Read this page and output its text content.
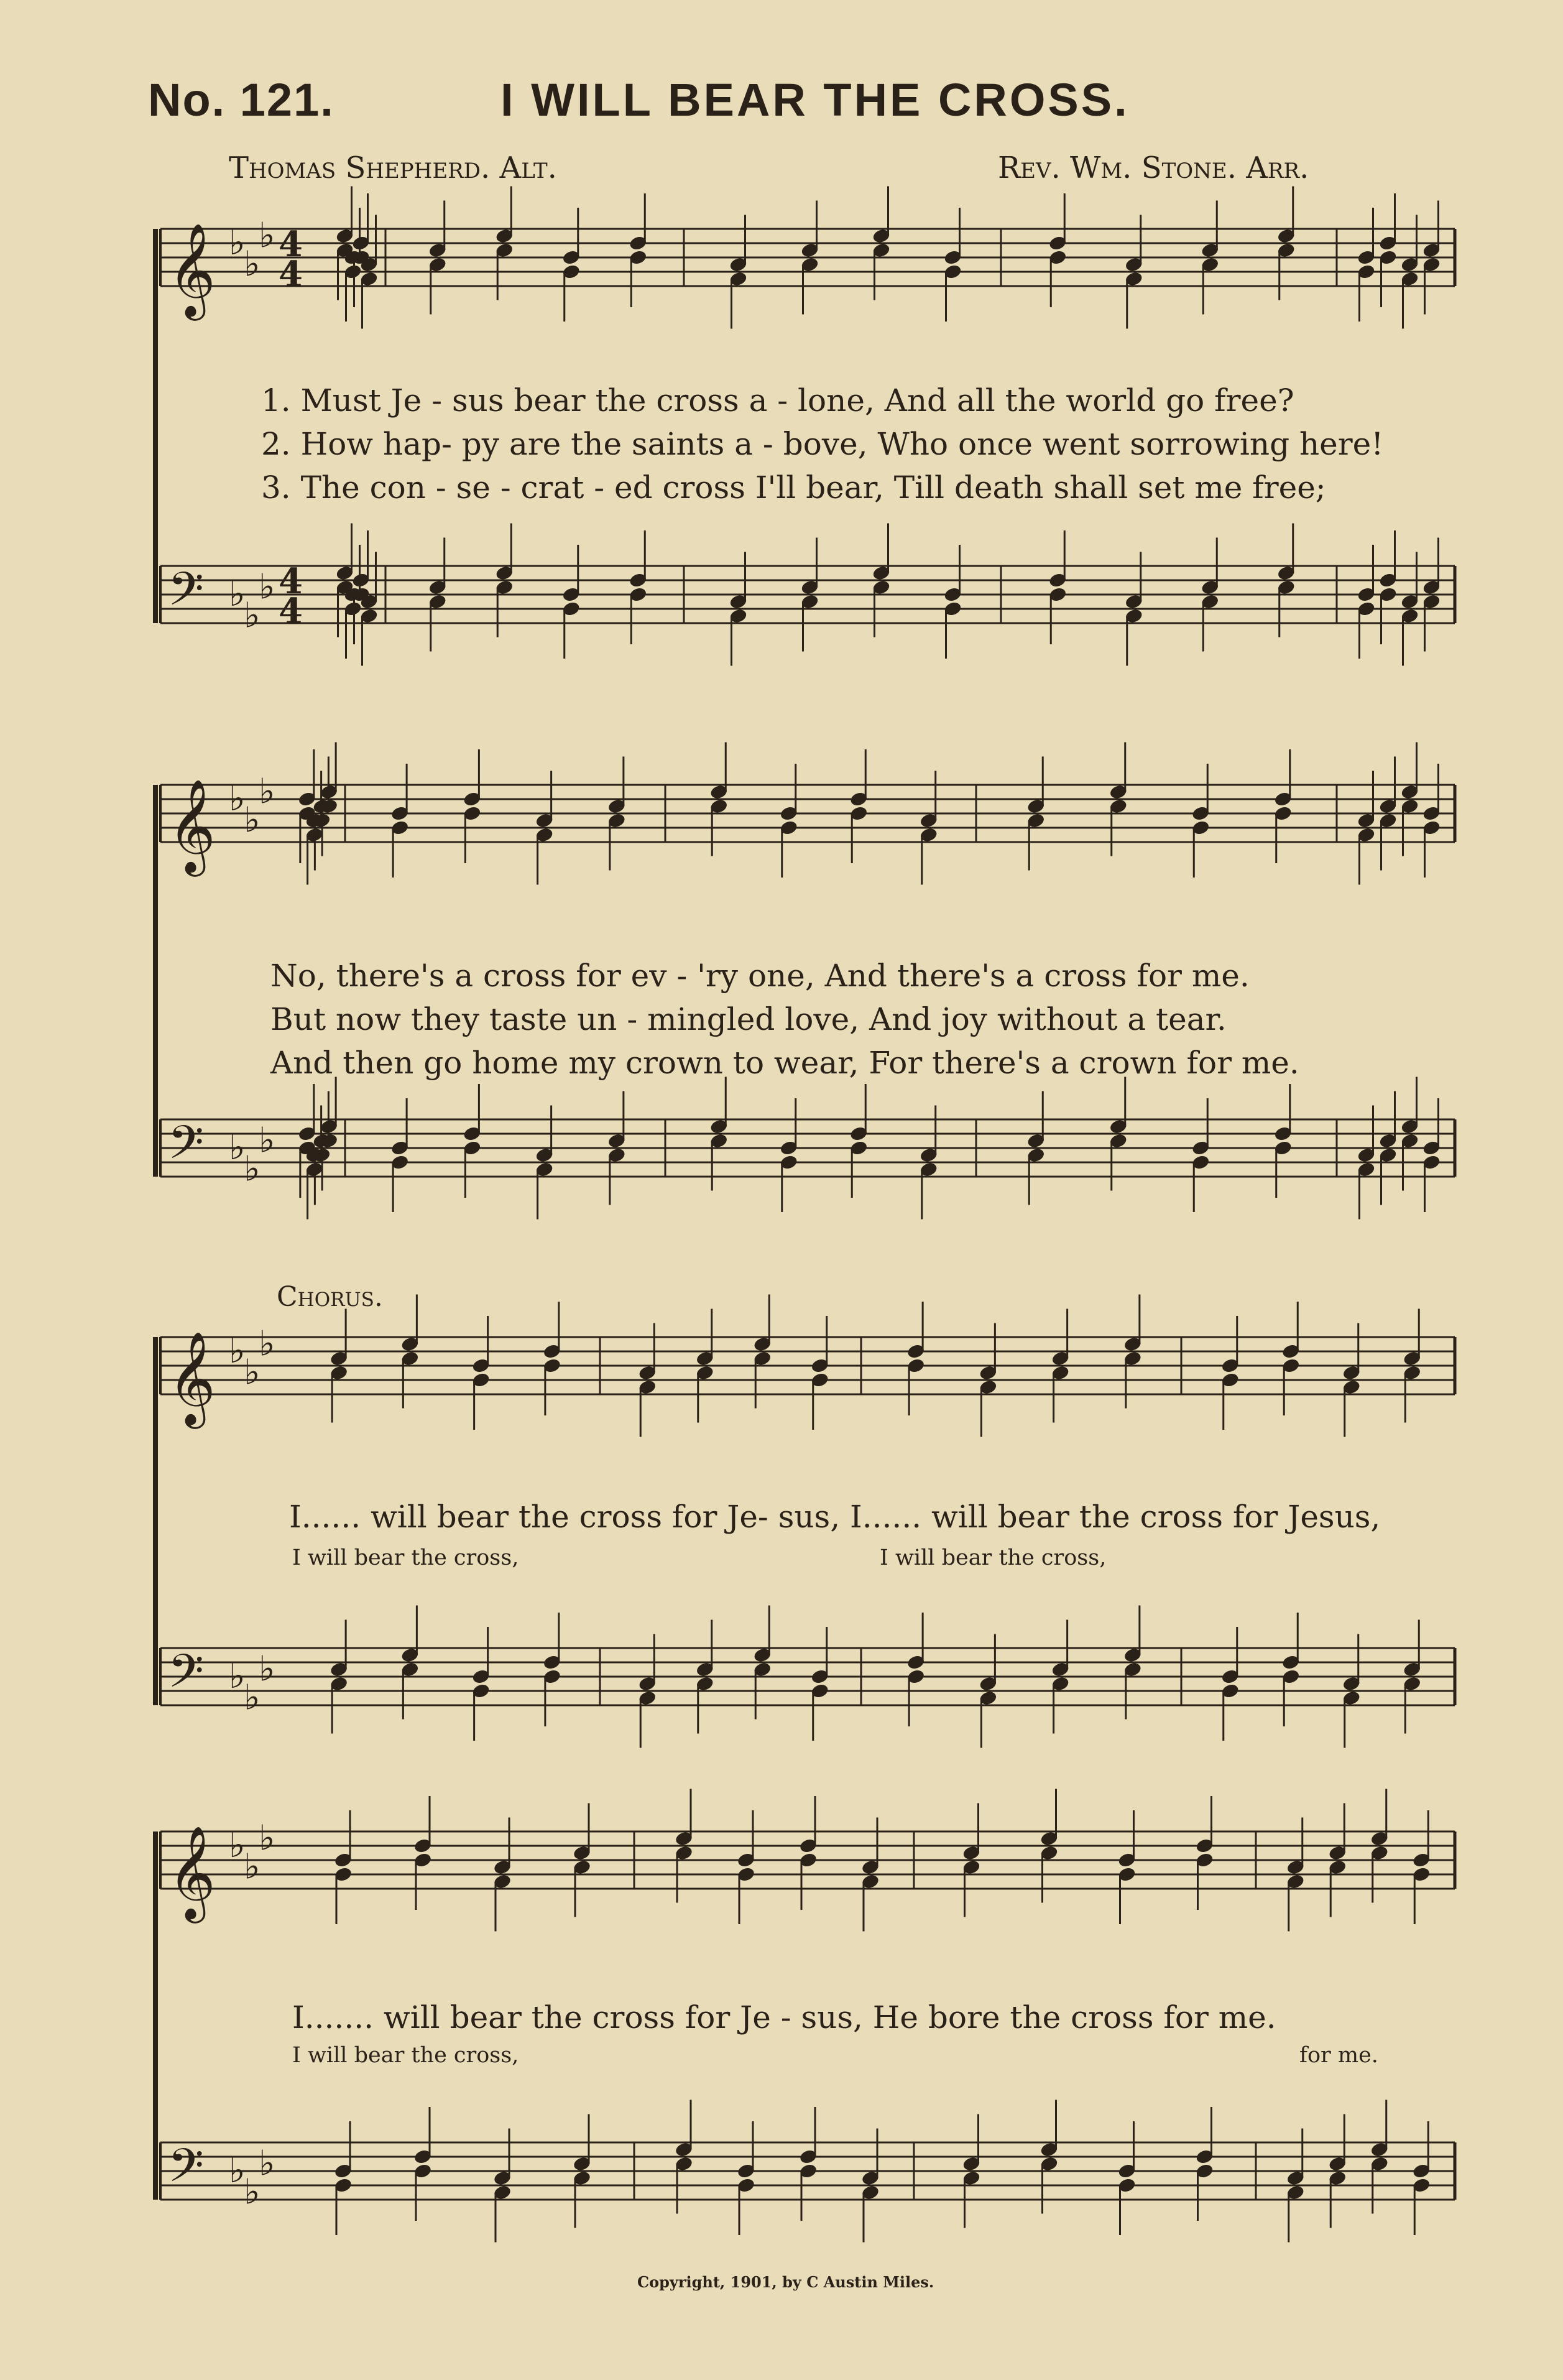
No. 121.	I WILL BEAR THE CROSS.
Thomas Shepherd. Alt.	Rev. Wm. Stone. Arr.
𝄞 ♭
♭
♭ 4
4
𝄢 ♭
♭
♭ 4
4
𝄞 ♭
♭
♭
𝄢 ♭
♭
♭
𝄞 ♭
♭
♭
𝄢 ♭
♭
♭
𝄞 ♭
♭
♭
𝄢 ♭
♭
♭
1. Must Je - sus bear the cross a - lone, And all the world go free?
2. How hap- py are the saints a - bove, Who once went sorrowing here!
3. The con - se - crat - ed cross I'll bear, Till death shall set me free;
No, there's a cross for ev - 'ry one, And there's a cross for me.
But now they taste un - mingled love, And joy without a tear.
And then go home my crown to wear, For there's a crown for me.
Chorus.
I...... will bear the cross for Je- sus, I...... will bear the cross for Jesus,
I will bear the cross,	I will bear the cross,
I....... will bear the cross for Je - sus, He bore the cross for me.
I will bear the cross,	for me.
Copyright, 1901, by C Austin Miles.
